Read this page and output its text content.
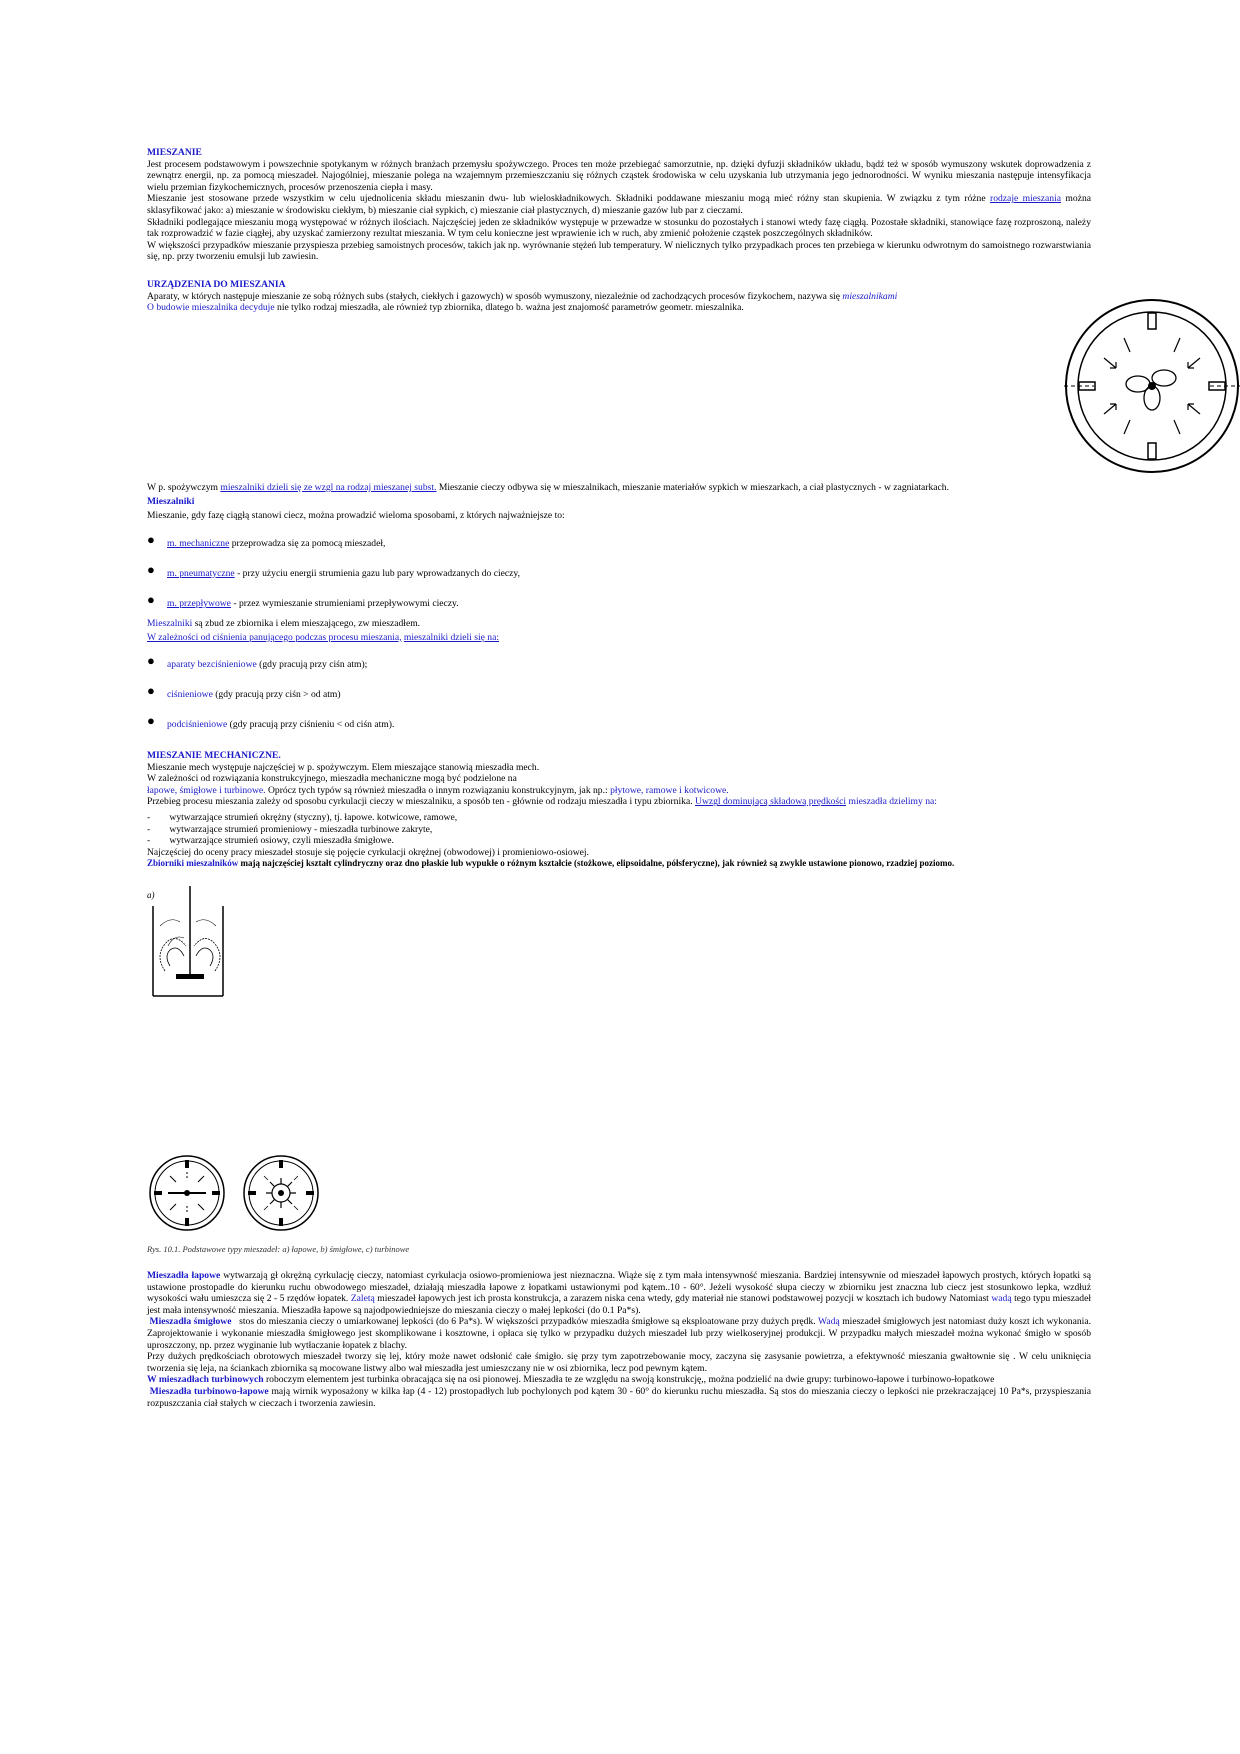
MIESZANIE

Jest procesem podstawowym i powszechnie spotykanym w różnych branżach przemysłu spożywczego. Proces ten może przebiegać samorzutnie, np. dzięki dyfuzji składników układu, bądź też w sposób wymuszony wskutek doprowadzenia z zewnątrz energii, np. za pomocą mieszadeł. Najogólniej, mieszanie polega na wzajemnym przemieszczaniu się różnych cząstek środowiska w celu uzyskania lub utrzymania jego jednorodności. W wyniku mieszania następuje intensyfikacja wielu przemian fizykochemicznych, procesów przenoszenia ciepła i masy.

Mieszanie jest stosowane przede wszystkim w celu ujednolicenia składu mieszanin dwu- lub wieloskładnikowych. Składniki poddawane mieszaniu mogą mieć różny stan skupienia. W związku z tym różne rodzaje mieszania można sklasyfikować jako: a) mieszanie w środowisku ciekłym, b) mieszanie ciał sypkich, c) mieszanie ciał plastycznych, d) mieszanie gazów lub par z cieczami.

Składniki podlegające mieszaniu mogą występować w różnych ilościach. Najczęściej jeden ze składników występuje w przewadze w stosunku do pozostałych i stanowi wtedy fazę ciągłą. Pozostałe składniki, stanowiące fazę rozproszoną, należy tak rozprowadzić w fazie ciągłej, aby uzyskać zamierzony rezultat mieszania. W tym celu konieczne jest wprawienie ich w ruch, aby zmienić położenie cząstek poszczególnych składników.

W większości przypadków mieszanie przyspiesza przebieg samoistnych procesów, takich jak np. wyrównanie stężeń lub temperatury. W nielicznych tylko przypadkach proces ten przebiega w kierunku odwrotnym do samoistnego rozwarstwiania się, np. przy tworzeniu emulsji lub zawiesin.

URZĄDZENIA DO MIESZANIA

Aparaty, w których następuje mieszanie ze sobą różnych subs (stałych, ciekłych i gazowych) w sposób wymuszony, niezależnie od zachodzących procesów fizykochem, nazywa się mieszalnikami

O budowie mieszalnika decyduje nie tylko rodzaj mieszadła, ale również typ zbiornika, dlatego b. ważna jest znajomość parametrów geometr. mieszalnika.

W p. spożywczym mieszalniki dzieli się ze wzgl na rodzaj mieszanej subst. Mieszanie cieczy odbywa się w mieszalnikach, mieszanie materiałów sypkich w mieszarkach, a ciał plastycznych - w zagniatarkach.

Mieszalniki

Mieszanie, gdy fazę ciągłą stanowi ciecz, można prowadzić wieloma sposobami, z których najważniejsze to:

● m. mechaniczne przeprowadza się za pomocą mieszadeł,
● m. pneumatyczne - przy użyciu energii strumienia gazu lub pary wprowadzanych do cieczy,
● m. przepływowe - przez wymieszanie strumieniami przepływowymi cieczy.

Mieszalniki są zbud ze zbiornika i elem mieszającego, zw mieszadłem.

W zależności od ciśnienia panującego podczas procesu mieszania, mieszalniki dzieli się na:

● aparaty bezciśnieniowe (gdy pracują przy ciśn atm);
● ciśnieniowe (gdy pracują przy ciśn > od atm)
● podciśnieniowe (gdy pracują przy ciśnieniu < od ciśn atm).

MIESZANIE MECHANICZNE.

Mieszanie mech występuje najczęściej w p. spożywczym. Elem mieszające stanowią mieszadła mech.

W zależności od rozwiązania konstrukcyjnego, mieszadła mechaniczne mogą być podzielone na

łapowe, śmigłowe i turbinowe. Oprócz tych typów są również mieszadła o innym rozwiązaniu konstrukcyjnym, jak np.: płytowe, ramowe i kotwicowe.

Przebieg procesu mieszania zależy od sposobu cyrkulacji cieczy w mieszalniku, a sposób ten - głównie od rodzaju mieszadła i typu zbiornika. Uwzgl dominującą składową prędkości mieszadła dzielimy na:

-        wytwarzające strumień okrężny (styczny), tj. łapowe. kotwicowe, ramowe,

-        wytwarzające strumień promieniowy - mieszadła turbinowe zakryte,

-        wytwarzające strumień osiowy, czyli mieszadła śmigłowe.

Najczęściej do oceny pracy mieszadeł stosuje się pojęcie cyrkulacji okrężnej (obwodowej) i promieniowo-osiowej.

Zbiorniki mieszalników mają najczęściej kształt cylindryczny oraz dno płaskie lub wypukłe o różnym kształcie (stożkowe, elipsoidalne, półsferyczne), jak również są zwykle ustawione pionowo, rzadziej poziomo.

a)

Rys. 10.1. Podstawowe typy mieszadeł: a) łapowe, b) śmigłowe, c) turbinowe

Mieszadła łapowe wytwarzają gł okrężną cyrkulację cieczy, natomiast cyrkulacja osiowo-promieniowa jest nieznaczna. Wiąże się z tym mała intensywność mieszania. Bardziej intensywnie od mieszadeł łapowych prostych, których łopatki są ustawione prostopadle do kierunku ruchu obwodowego mieszadeł, działają mieszadła łapowe z łopatkami ustawionymi pod kątem..10 - 60°. Jeżeli wysokość słupa cieczy w zbiorniku jest znaczna lub ciecz jest stosunkowo lepka, wzdłuż wysokości wału umieszcza się 2 - 5 rzędów łopatek. Zaletą mieszadeł łapowych jest ich prosta konstrukcja, a zarazem niska cena wtedy, gdy materiał nie stanowi podstawowej pozycji w kosztach ich budowy Natomiast wadą tego typu mieszadeł jest mała intensywność mieszania. Mieszadła łapowe są najodpowiedniejsze do mieszania cieczy o małej lepkości (do 0.1 Pa*s).

Mieszadła śmigłowe stos do mieszania cieczy o umiarkowanej lepkości (do 6 Pa*s). W większości przypadków mieszadła śmigłowe są eksploatowane przy dużych prędk. Wadą mieszadeł śmigłowych jest natomiast duży koszt ich wykonania. Zaprojektowanie i wykonanie mieszadła śmigłowego jest skomplikowane i kosztowne, i opłaca się tylko w przypadku dużych mieszadeł lub przy wielkoseryjnej produkcji. W przypadku małych mieszadeł można wykonać śmigło w sposób uproszczony, np. przez wyginanie lub wytłaczanie łopatek z blachy.

Przy dużych prędkościach obrotowych mieszadeł tworzy się lej, który może nawet odsłonić całe śmigło. się przy tym zapotrzebowanie mocy, zaczyna się zasysanie powietrza, a efektywność mieszania gwałtownie się . W celu uniknięcia tworzenia się leja, na ściankach zbiornika są mocowane listwy albo wał mieszadła jest umieszczany nie w osi zbiornika, lecz pod pewnym kątem.

W mieszadłach turbinowych roboczym elementem jest turbinka obracająca się na osi pionowej. Mieszadła te ze względu na swoją konstrukcję,, można podzielić na dwie grupy: turbinowo-łapowe i turbinowo-łopatkowe

Mieszadła turbinowo-łapowe mają wirnik wyposażony w kilka łap (4 - 12) prostopadłych lub pochylonych pod kątem 30 - 60° do kierunku ruchu mieszadła. Są stos do mieszania cieczy o lepkości nie przekraczającej 10 Pa*s, przyspieszania rozpuszczania ciał stałych w cieczach i tworzenia zawiesin.
